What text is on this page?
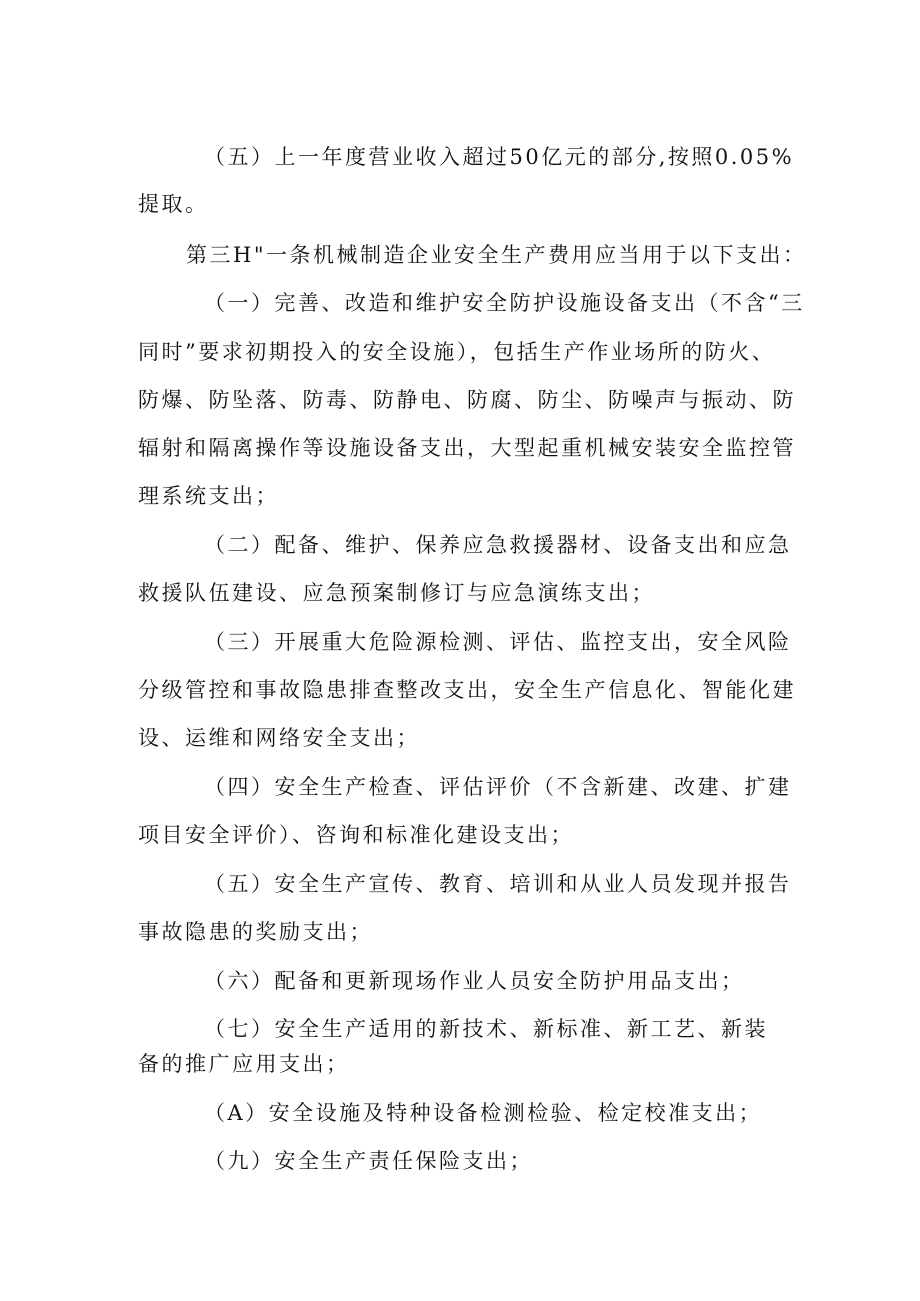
（五）上一年度营业收入超过50亿元的部分,按照0.05%
提取。
第三H"一条机械制造企业安全生产费用应当用于以下支出：
（一）完善、改造和维护安全防护设施设备支出（不含“三
同时”要求初期投入的安全设施），包括生产作业场所的防火、
防爆、防坠落、防毒、防静电、防腐、防尘、防噪声与振动、防
辐射和隔离操作等设施设备支出，大型起重机械安装安全监控管
理系统支出；
（二）配备、维护、保养应急救援器材、设备支出和应急
救援队伍建设、应急预案制修订与应急演练支出；
（三）开展重大危险源检测、评估、监控支出，安全风险
分级管控和事故隐患排查整改支出，安全生产信息化、智能化建
设、运维和网络安全支出；
（四）安全生产检查、评估评价（不含新建、改建、扩建
项目安全评价）、咨询和标准化建设支出；
（五）安全生产宣传、教育、培训和从业人员发现并报告
事故隐患的奖励支出；
（六）配备和更新现场作业人员安全防护用品支出；
（七）安全生产适用的新技术、新标准、新工艺、新装
备的推广应用支出；
（A）安全设施及特种设备检测检验、检定校准支出；
（九）安全生产责任保险支出；
